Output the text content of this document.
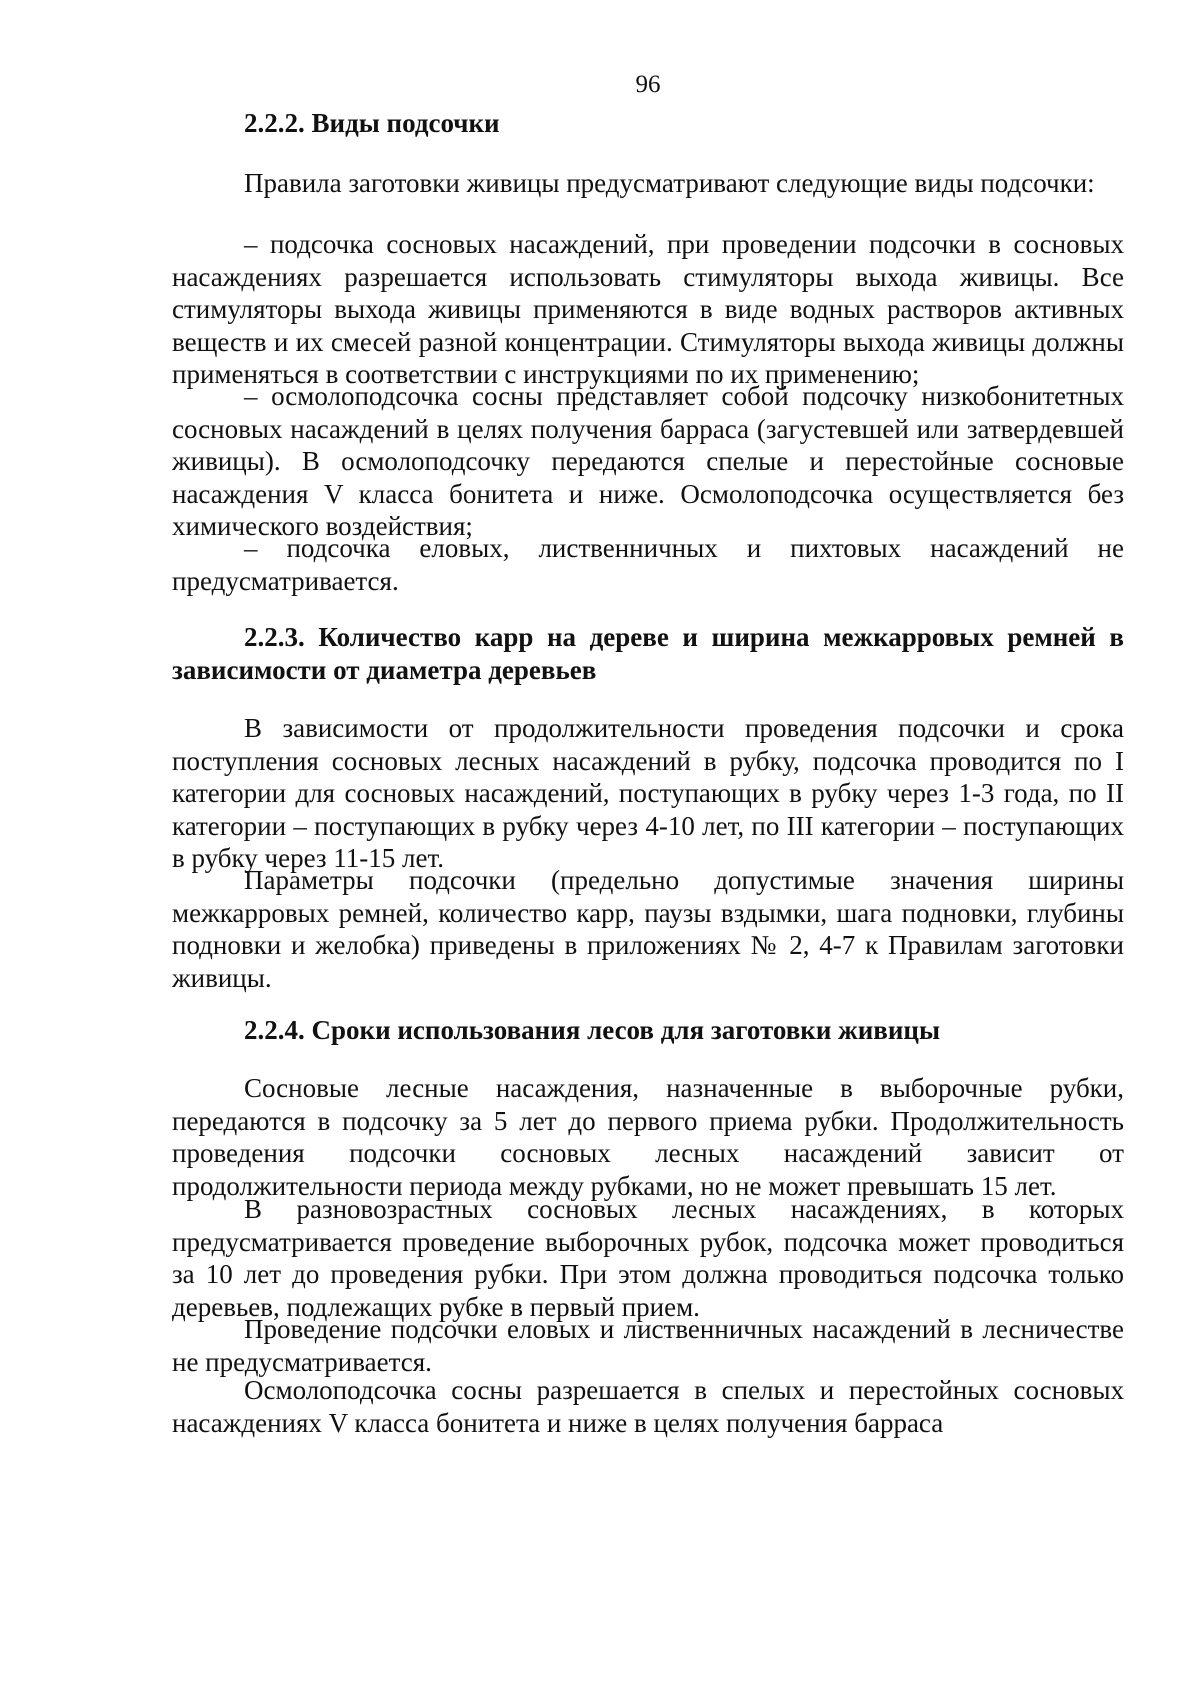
96
2.2.2. Виды подсочки

Правила заготовки живицы предусматривают следующие виды подсочки:

– подсочка сосновых насаждений, при проведении подсочки в сосновых насаждениях разрешается использовать стимуляторы выхода живицы. Все стимуляторы выхода живицы применяются в виде водных растворов активных веществ и их смесей разной концентрации. Стимуляторы выхода живицы должны применяться в соответствии с инструкциями по их применению;

– осмолоподсочка сосны представляет собой подсочку низкобонитетных сосновых насаждений в целях получения барраса (загустевшей или затвердевшей живицы). В осмолоподсочку передаются спелые и перестойные сосновые насаждения V класса бонитета и ниже. Осмолоподсочка осуществляется без химического воздействия;

– подсочка еловых, лиственничных и пихтовых насаждений не предусматривается.

2.2.3. Количество карр на дереве и ширина межкарровых ремней в зависимости от диаметра деревьев

В зависимости от продолжительности проведения подсочки и срока поступления сосновых лесных насаждений в рубку, подсочка проводится по I категории для сосновых насаждений, поступающих в рубку через 1-3 года, по II категории – поступающих в рубку через 4-10 лет, по III категории – поступающих в рубку через 11-15 лет.

Параметры подсочки (предельно допустимые значения ширины межкарровых ремней, количество карр, паузы вздымки, шага подновки, глубины подновки и желобка) приведены в приложениях № 2, 4-7 к Правилам заготовки живицы.

2.2.4. Сроки использования лесов для заготовки живицы

Сосновые лесные насаждения, назначенные в выборочные рубки, передаются в подсочку за 5 лет до первого приема рубки. Продолжительность проведения подсочки сосновых лесных насаждений зависит от продолжительности периода между рубками, но не может превышать 15 лет.

В разновозрастных сосновых лесных насаждениях, в которых предусматривается проведение выборочных рубок, подсочка может проводиться за 10 лет до проведения рубки. При этом должна проводиться подсочка только деревьев, подлежащих рубке в первый прием.

Проведение подсочки еловых и лиственничных насаждений в лесничестве не предусматривается.

Осмолоподсочка сосны разрешается в спелых и перестойных сосновых насаждениях V класса бонитета и ниже в целях получения барраса
